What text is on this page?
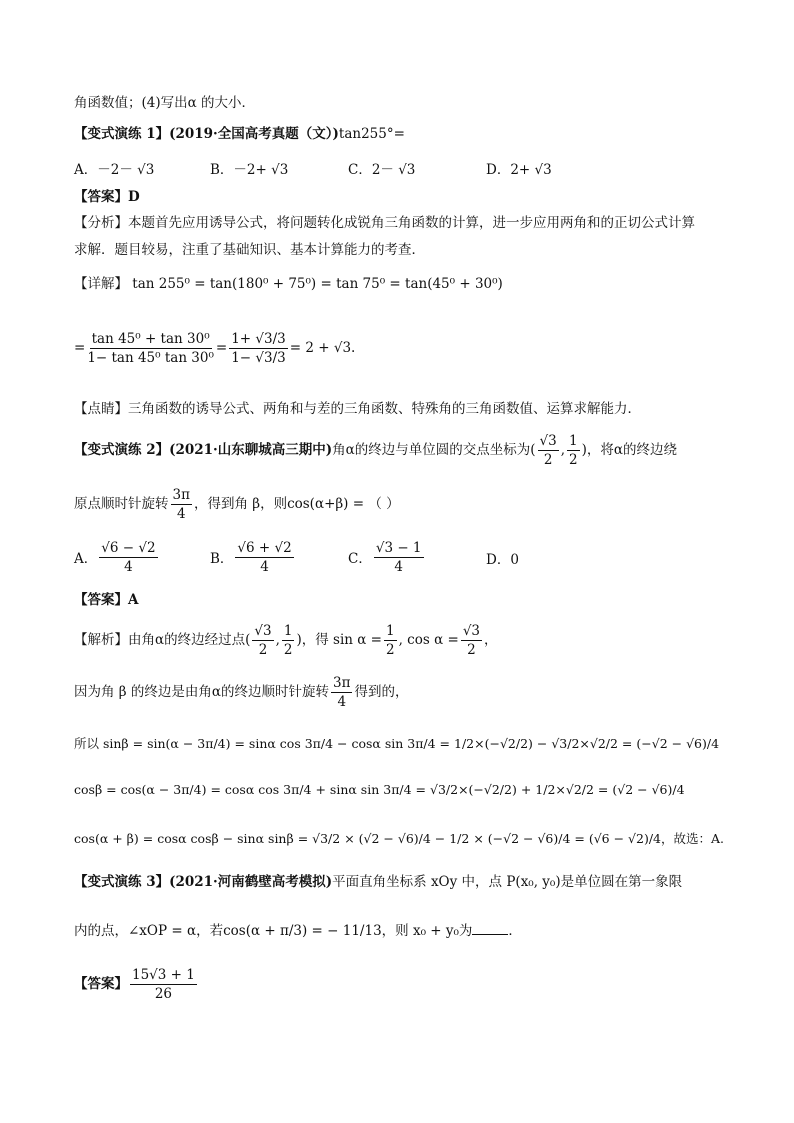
角函数值；(4)写出α 的大小．
【变式演练 1】(2019·全国高考真题（文）)tan255°=
A．－2－ √3	B．－2+ √3	C．2－ √3	D．2+ √3
【答案】D
【分析】本题首先应用诱导公式，将问题转化成锐角三角函数的计算，进一步应用两角和的正切公式计算
求解．题目较易，注重了基础知识、基本计算能力的考查．
【详解】 tan 255⁰ = tan(180⁰ + 75⁰) = tan 75⁰ = tan(45⁰ + 30⁰)
= $\frac{\text{tan 45⁰ + tan 30⁰}}{\text{1− tan 45⁰ tan 30⁰}} = \frac{1+ √3/3}{1- √3/3} = 2 + √3$.
【点睛】三角函数的诱导公式、两角和与差的三角函数、特殊角的三角函数值、运算求解能力．
【变式演练 2】(2021·山东聊城高三期中) 角α的终边与单位圆的交点坐标为( $\frac{√3}{2}$ , $\frac{1}{2}$ )，将α的终边绕
原点顺时针旋转 $\frac{3\pi}{4}$ ，得到角 β，则cos(α+β) = （ ）
A． $\frac{√6 - √2}{4}$	B． $\frac{√6 + √2}{4}$	C． $\frac{√3 - 1}{4}$	D．0
【答案】A
【解析】由角α的终边经过点( $\frac{√3}{2}$ , $\frac{1}{2}$ )，得 $\sin \alpha = \frac{1}{2}$ , $\cos \alpha = \frac{√3}{2}$ ，
因为角 β 的终边是由角α的终边顺时针旋转 $\frac{3\pi}{4}$ 得到的，
所以 sinβ = sin(α − 3π/4) = sinα cos 3π/4 − cosα sin 3π/4 = 1/2×(−√2/2) − √3/2×√2/2 = (−√2 − √6)/4
cosβ = cos(α − 3π/4) = cosα cos 3π/4 + sinα sin 3π/4 = √3/2×(−√2/2) + 1/2×√2/2 = (√2 − √6)/4
cos(α + β) = cosα cosβ − sinα sinβ = √3/2 × (√2 − √6)/4 − 1/2 × (−√2 − √6)/4 = (√6 − √2)/4，故选：A.
【变式演练 3】(2021·河南鹤壁高考模拟)平面直角坐标系 xOy 中，点 P(x₀, y₀)是单位圆在第一象限
内的点，∠xOP = α，若cos(α + π/3) = − 11/13，则 x₀ + y₀为	．
【答案】 $\frac{15√3 + 1}{26}$
